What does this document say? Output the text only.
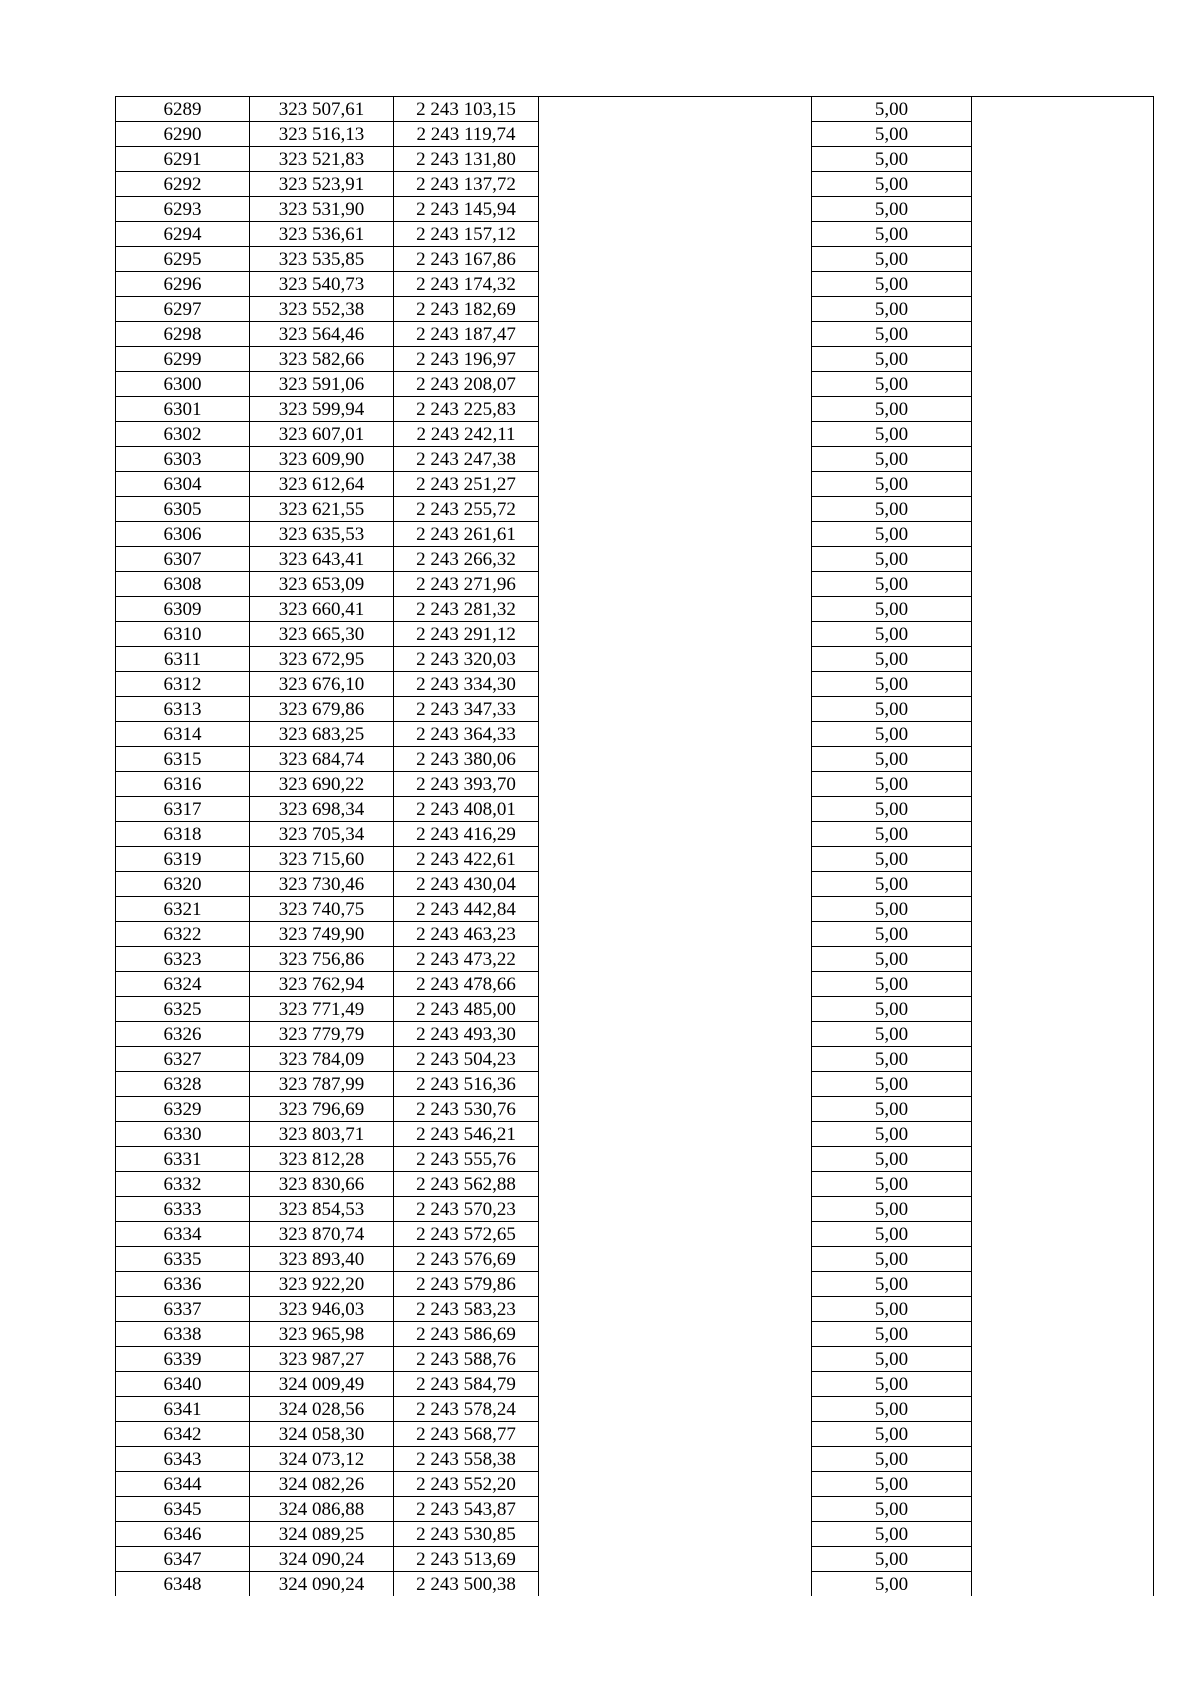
6289	323 507,61	2 243 103,15		5,00	
6290	323 516,13	2 243 119,74		5,00	
6291	323 521,83	2 243 131,80		5,00	
6292	323 523,91	2 243 137,72		5,00	
6293	323 531,90	2 243 145,94		5,00	
6294	323 536,61	2 243 157,12		5,00	
6295	323 535,85	2 243 167,86		5,00	
6296	323 540,73	2 243 174,32		5,00	
6297	323 552,38	2 243 182,69		5,00	
6298	323 564,46	2 243 187,47		5,00	
6299	323 582,66	2 243 196,97		5,00	
6300	323 591,06	2 243 208,07		5,00	
6301	323 599,94	2 243 225,83		5,00	
6302	323 607,01	2 243 242,11		5,00	
6303	323 609,90	2 243 247,38		5,00	
6304	323 612,64	2 243 251,27		5,00	
6305	323 621,55	2 243 255,72		5,00	
6306	323 635,53	2 243 261,61		5,00	
6307	323 643,41	2 243 266,32		5,00	
6308	323 653,09	2 243 271,96		5,00	
6309	323 660,41	2 243 281,32		5,00	
6310	323 665,30	2 243 291,12		5,00	
6311	323 672,95	2 243 320,03		5,00	
6312	323 676,10	2 243 334,30		5,00	
6313	323 679,86	2 243 347,33		5,00	
6314	323 683,25	2 243 364,33		5,00	
6315	323 684,74	2 243 380,06		5,00	
6316	323 690,22	2 243 393,70		5,00	
6317	323 698,34	2 243 408,01		5,00	
6318	323 705,34	2 243 416,29		5,00	
6319	323 715,60	2 243 422,61		5,00	
6320	323 730,46	2 243 430,04		5,00	
6321	323 740,75	2 243 442,84		5,00	
6322	323 749,90	2 243 463,23		5,00	
6323	323 756,86	2 243 473,22		5,00	
6324	323 762,94	2 243 478,66		5,00	
6325	323 771,49	2 243 485,00		5,00	
6326	323 779,79	2 243 493,30		5,00	
6327	323 784,09	2 243 504,23		5,00	
6328	323 787,99	2 243 516,36		5,00	
6329	323 796,69	2 243 530,76		5,00	
6330	323 803,71	2 243 546,21		5,00	
6331	323 812,28	2 243 555,76		5,00	
6332	323 830,66	2 243 562,88		5,00	
6333	323 854,53	2 243 570,23		5,00	
6334	323 870,74	2 243 572,65		5,00	
6335	323 893,40	2 243 576,69		5,00	
6336	323 922,20	2 243 579,86		5,00	
6337	323 946,03	2 243 583,23		5,00	
6338	323 965,98	2 243 586,69		5,00	
6339	323 987,27	2 243 588,76		5,00	
6340	324 009,49	2 243 584,79		5,00	
6341	324 028,56	2 243 578,24		5,00	
6342	324 058,30	2 243 568,77		5,00	
6343	324 073,12	2 243 558,38		5,00	
6344	324 082,26	2 243 552,20		5,00	
6345	324 086,88	2 243 543,87		5,00	
6346	324 089,25	2 243 530,85		5,00	
6347	324 090,24	2 243 513,69		5,00	
6348	324 090,24	2 243 500,38		5,00	
